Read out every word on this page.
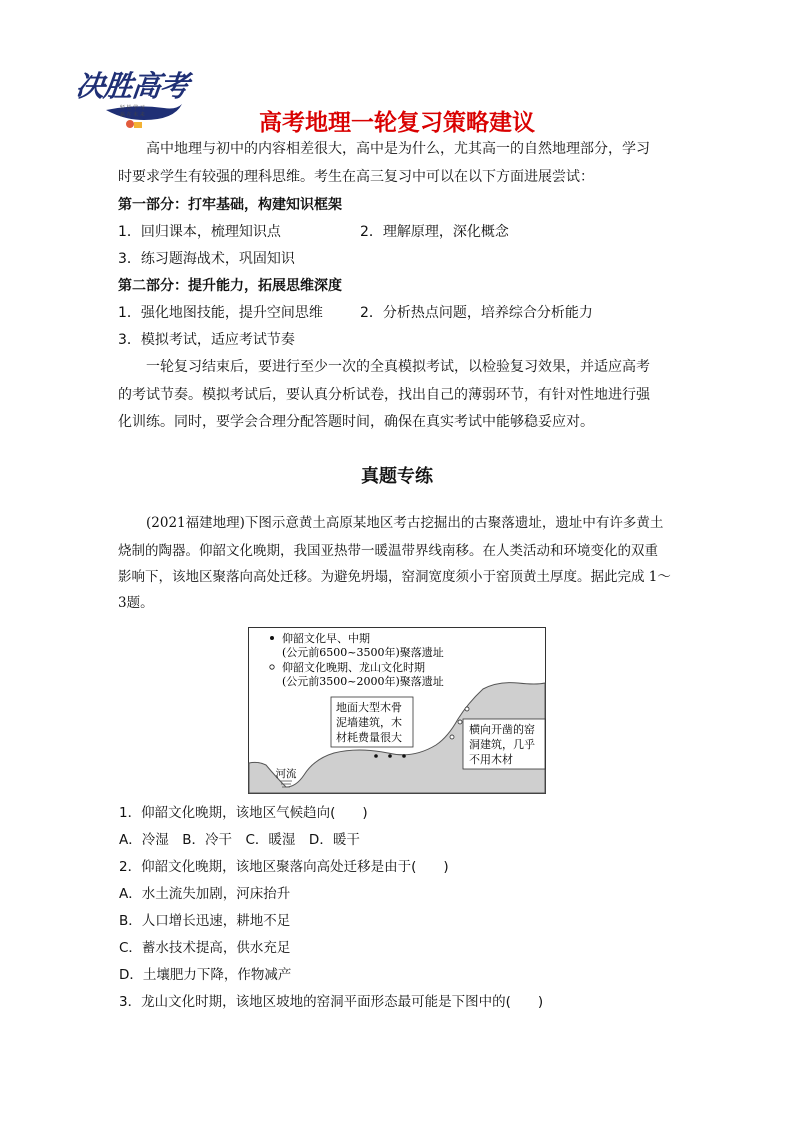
决胜高考
轻 松 学 习
赢 在 未 来	高考地理一轮复习策略建议
高中地理与初中的内容相差很大，高中是为什么，尤其高一的自然地理部分，学习
时要求学生有较强的理科思维。考生在高三复习中可以在以下方面进展尝试：
第一部分：打牢基础，构建知识框架
1．回归课本，梳理知识点	2．理解原理，深化概念
3．练习题海战术，巩固知识
第二部分：提升能力，拓展思维深度
1．强化地图技能，提升空间思维	2．分析热点问题，培养综合分析能力
3．模拟考试，适应考试节奏
一轮复习结束后，要进行至少一次的全真模拟考试，以检验复习效果，并适应高考
的考试节奏。模拟考试后，要认真分析试卷，找出自己的薄弱环节，有针对性地进行强
化训练。同时，要学会合理分配答题时间，确保在真实考试中能够稳妥应对。
真题专练
(2021福建地理)下图示意黄土高原某地区考古挖掘出的古聚落遗址，遗址中有许多黄土
烧制的陶器。仰韶文化晚期，我国亚热带一暖温带界线南移。在人类活动和环境变化的双重
影响下，该地区聚落向高处迁移。为避免坍塌，窑洞宽度须小于窑顶黄土厚度。据此完成 1～
3题。
河流
仰韶文化早、中期
(公元前6500~3500年)聚落遗址
仰韶文化晚期、龙山文化时期
(公元前3500~2000年)聚落遗址
地面大型木骨
泥墙建筑，木
材耗费量很大
横向开凿的窑
洞建筑，几乎
不用木材
1．仰韶文化晚期，该地区气候趋向(　　)
A．冷湿　B．冷干　C．暖湿　D．暖干
2．仰韶文化晚期，该地区聚落向高处迁移是由于(　　)
A．水土流失加剧，河床抬升
B．人口增长迅速，耕地不足
C．蓄水技术提高，供水充足
D．土壤肥力下降，作物减产
3．龙山文化时期，该地区坡地的窑洞平面形态最可能是下图中的(　　)
